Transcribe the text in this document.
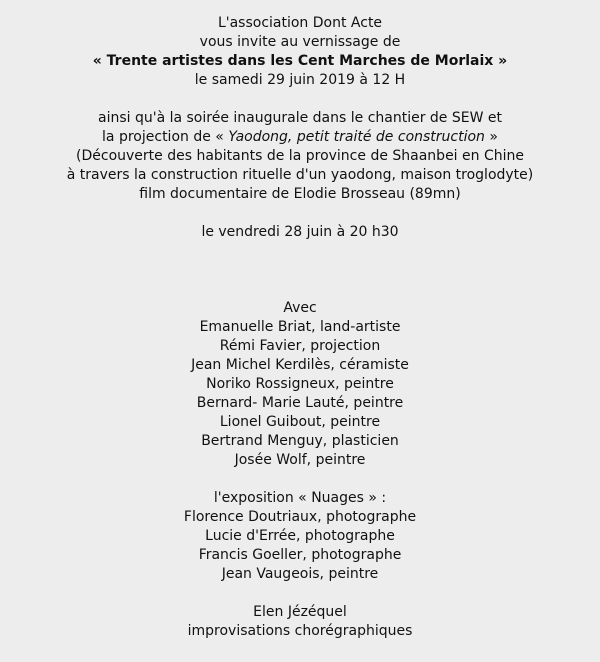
L'association Dont Acte
vous invite au vernissage de
« Trente artistes dans les Cent Marches de Morlaix »
le samedi 29 juin 2019 à 12 H
ainsi qu'à la soirée inaugurale dans le chantier de SEW et
la projection de « Yaodong, petit traité de construction »
(Découverte des habitants de la province de Shaanbei en Chine
à travers la construction rituelle d'un yaodong, maison troglodyte)
film documentaire de Elodie Brosseau (89mn)
le vendredi 28 juin à 20 h30
Avec
Emanuelle Briat, land-artiste
Rémi Favier, projection
Jean Michel Kerdilès, céramiste
Noriko Rossigneux, peintre
Bernard- Marie Lauté, peintre
Lionel Guibout, peintre
Bertrand Menguy, plasticien
Josée Wolf, peintre
l'exposition « Nuages » :
Florence Doutriaux, photographe
Lucie d'Errée, photographe
Francis Goeller, photographe
Jean Vaugeois, peintre
Elen Jézéquel
improvisations chorégraphiques
